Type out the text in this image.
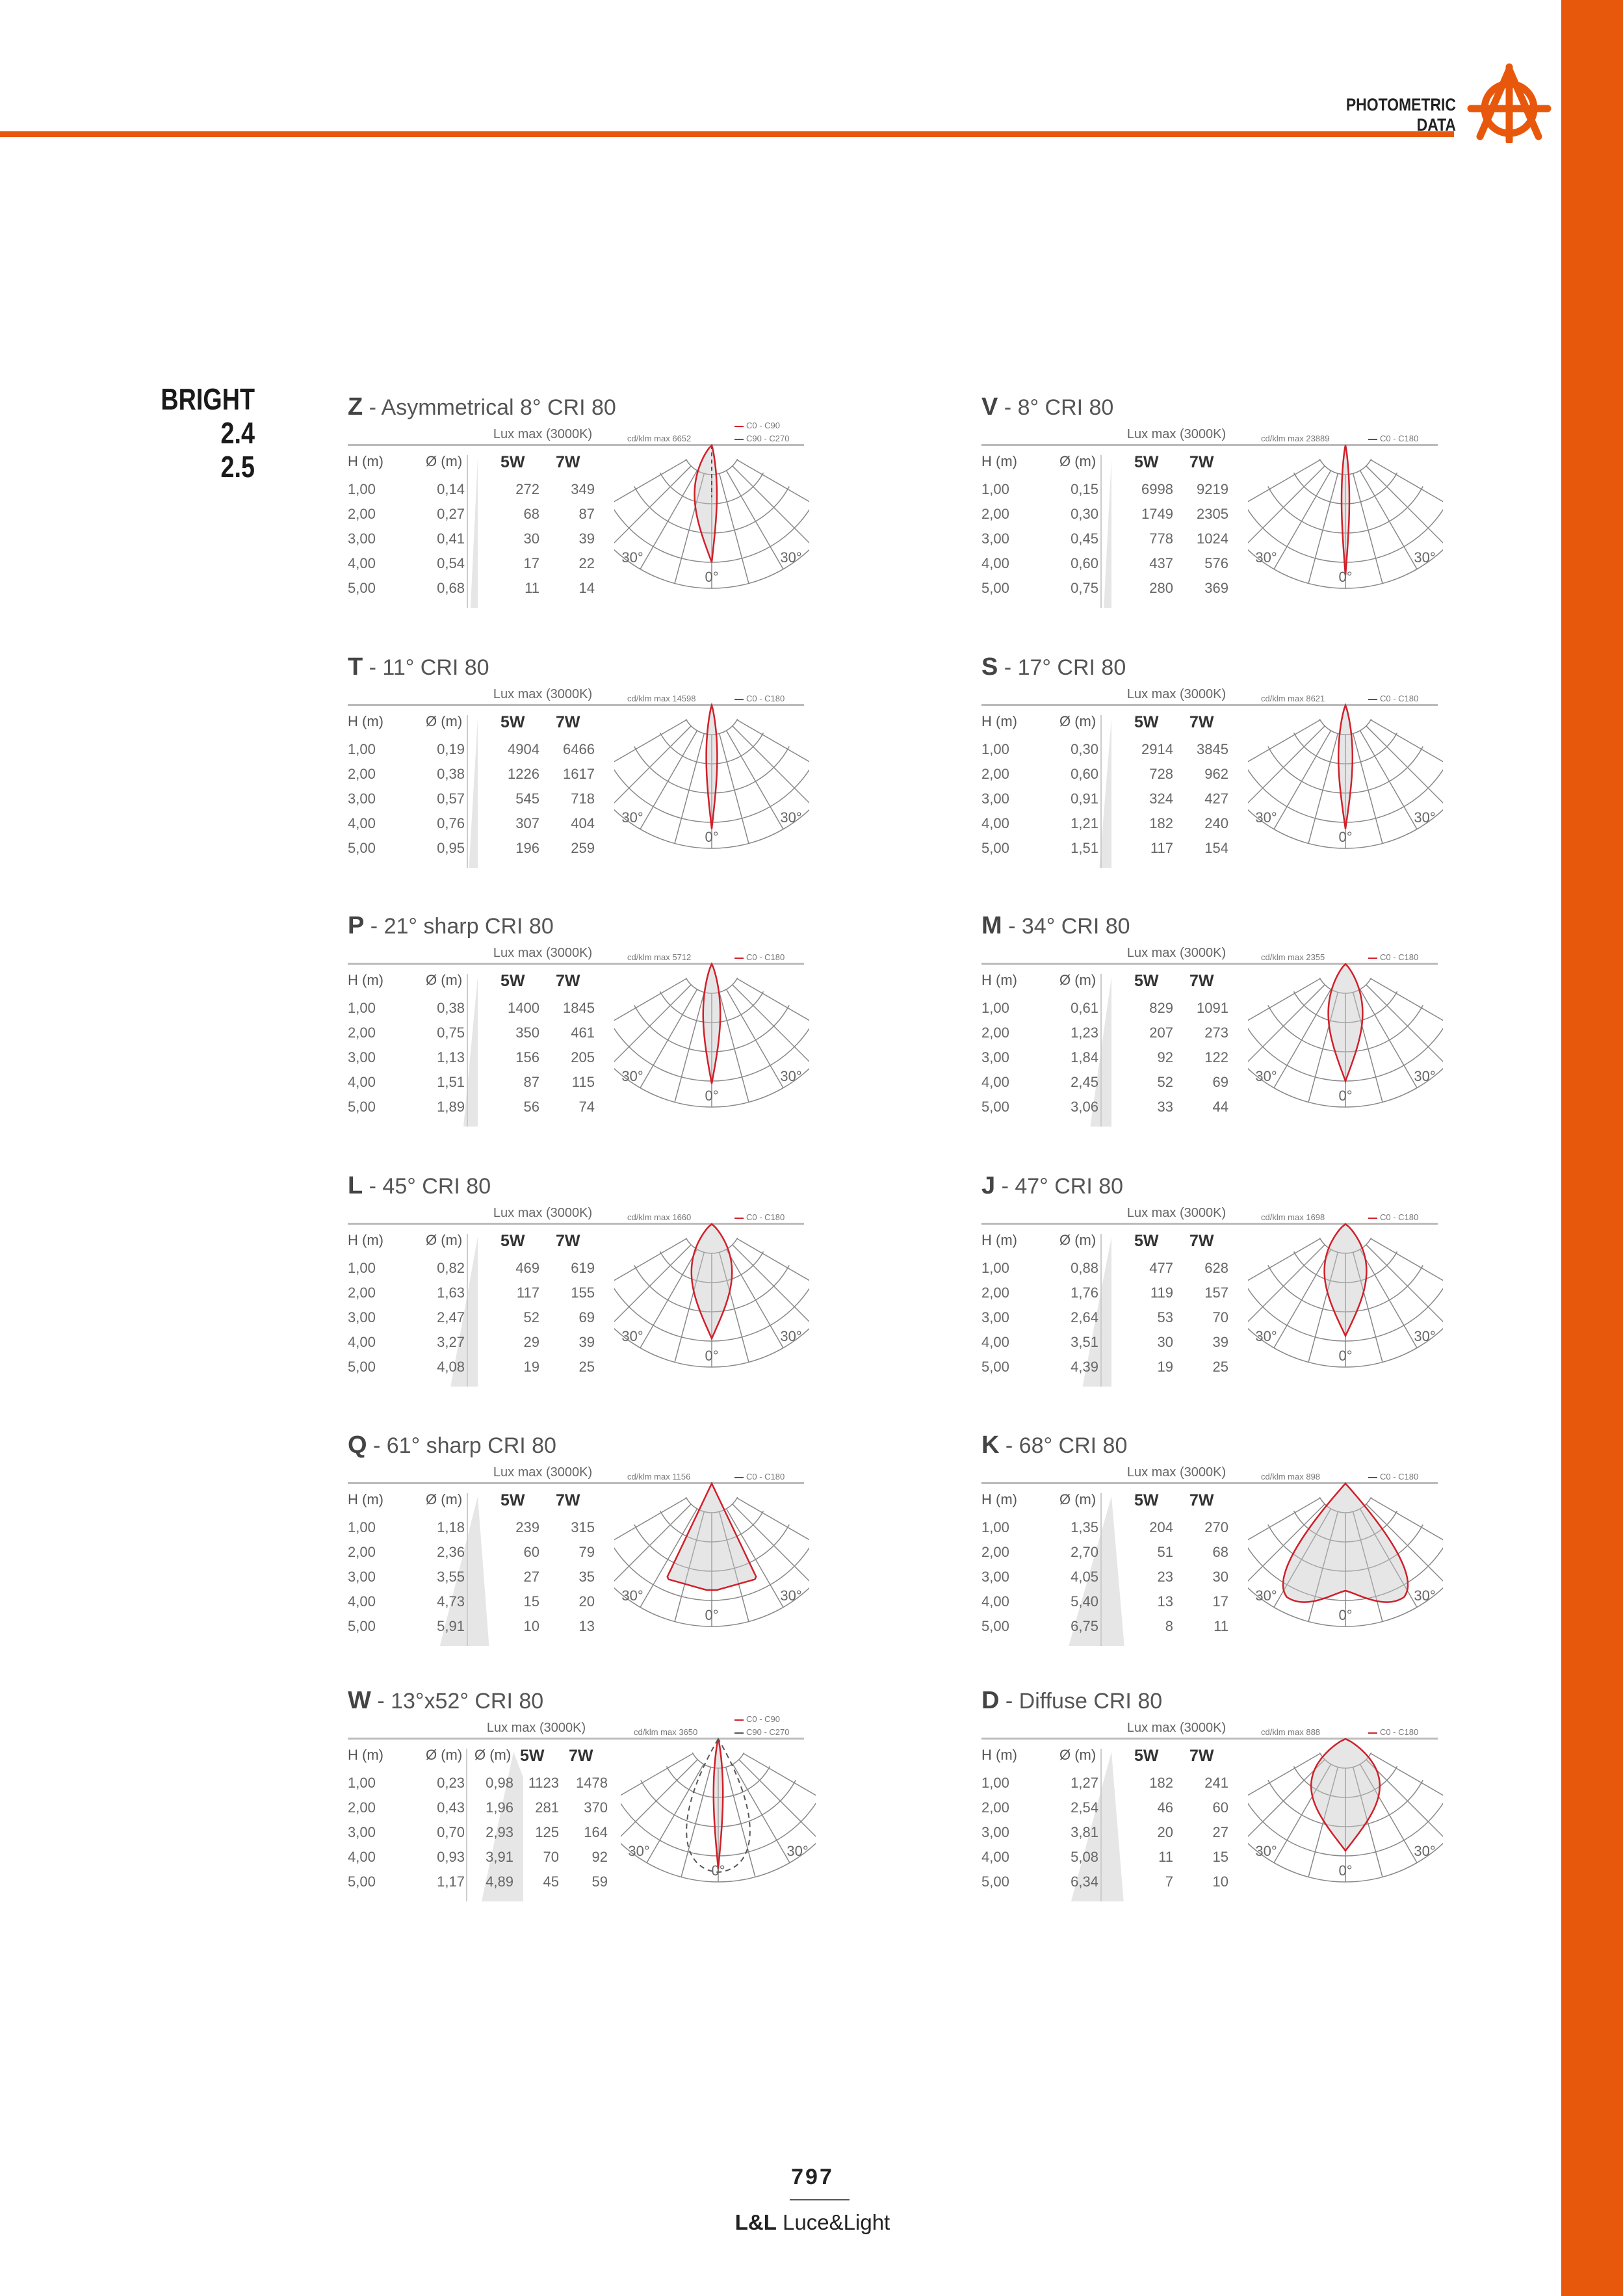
PHOTOMETRIC DATA
BRIGHT 2.4
2.5
Z - Asymmetrical 8° CRI 80
Lux max (3000K)
H (m)	Ø (m) 5W 7W
1,00	0,14	272	349
2,00	0,27	68	87
3,00	0,41	30	39
4,00	0,54	17	22
5,00	0,68	11	14
30°	30°
0°
cd/klm max 6652
C0 - C90
C90 - C270
V - 8° CRI 80
Lux max (3000K)
H (m)	Ø (m) 5W 7W
1,00	0,15	6998	9219
2,00	0,30	1749	2305
3,00	0,45	778	1024
4,00	0,60	437	576
5,00	0,75	280	369
30°	30°
0°
cd/klm max 23889	C0 - C180
T - 11° CRI 80
Lux max (3000K)
H (m)	Ø (m) 5W 7W
1,00	0,19	4904	6466
2,00	0,38	1226	1617
3,00	0,57	545	718
4,00	0,76	307	404
5,00	0,95	196	259
30°	30°
0°
cd/klm max 14598	C0 - C180
S - 17° CRI 80
Lux max (3000K)
H (m)	Ø (m) 5W 7W
1,00	0,30	2914	3845
2,00	0,60	728	962
3,00	0,91	324	427
4,00	1,21	182	240
5,00	1,51	117	154
30°	30°
0°
cd/klm max 8621	C0 - C180
P - 21° sharp CRI 80
Lux max (3000K)
H (m)	Ø (m) 5W 7W
1,00	0,38	1400	1845
2,00	0,75	350	461
3,00	1,13	156	205
4,00	1,51	87	115
5,00	1,89	56	74
30°	30°
0°
cd/klm max 5712	C0 - C180
M - 34° CRI 80
Lux max (3000K)
H (m)	Ø (m) 5W 7W
1,00	0,61	829	1091
2,00	1,23	207	273
3,00	1,84	92	122
4,00	2,45	52	69
5,00	3,06	33	44
30°	30°
0°
cd/klm max 2355	C0 - C180
L - 45° CRI 80
Lux max (3000K)
H (m)	Ø (m) 5W 7W
1,00	0,82	469	619
2,00	1,63	117	155
3,00	2,47	52	69
4,00	3,27	29	39
5,00	4,08	19	25
30°	30°
0°
cd/klm max 1660	C0 - C180
J - 47° CRI 80
Lux max (3000K)
H (m)	Ø (m) 5W 7W
1,00	0,88	477	628
2,00	1,76	119	157
3,00	2,64	53	70
4,00	3,51	30	39
5,00	4,39	19	25
30°	30°
0°
cd/klm max 1698	C0 - C180
Q - 61° sharp CRI 80
Lux max (3000K)
H (m)	Ø (m) 5W 7W
1,00	1,18	239	315
2,00	2,36	60	79
3,00	3,55	27	35
4,00	4,73	15	20
5,00	5,91	10	13
30°	30°
0°
cd/klm max 1156	C0 - C180
K - 68° CRI 80
Lux max (3000K)
H (m)	Ø (m) 5W 7W
1,00	1,35	204	270
2,00	2,70	51	68
3,00	4,05	23	30
4,00	5,40	13	17
5,00	6,75	8	11
30°	30°
0°
cd/klm max 898	C0 - C180
W - 13°x52° CRI 80
Lux max (3000K)
H (m)	Ø (m) Ø (m) 5W 7W
1,00	0,23	0,98	1123	1478
2,00	0,43	1,96	281	370
3,00	0,70	2,93	125	164
4,00	0,93	3,91	70	92
5,00	1,17	4,89	45	59
30°	30°
0°
cd/klm max 3650
C0 - C90
C90 - C270
D - Diffuse CRI 80
Lux max (3000K)
H (m)	Ø (m) 5W 7W
1,00	1,27	182	241
2,00	2,54	46	60
3,00	3,81	20	27
4,00	5,08	11	15
5,00	6,34	7	10
30°	30°
0°
cd/klm max 888	C0 - C180
797
L&L Luce&Light
